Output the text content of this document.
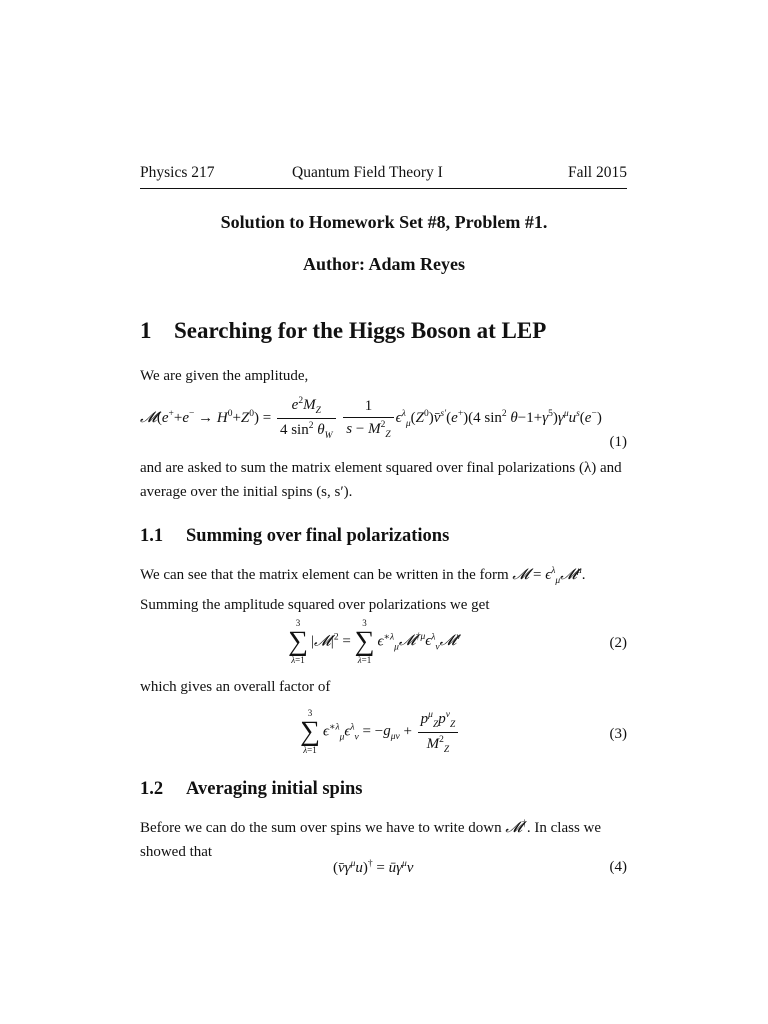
Physics 217	Quantum Field Theory I	Fall 2015
Solution to Homework Set #8, Problem #1.
Author: Adam Reyes
1 Searching for the Higgs Boson at LEP
We are given the amplitude,
𝓜(e++e− → $H^0+Z^0) = \frac{e^2M_Z}{4 \sin^2 \theta_W}$
$\frac{1}{s - M^2_Z}$ $\epsilon^\lambda_\mu(Z^0)v̄^{s'}(e^+)(4$ $\sin^2 \theta-1+\gamma^5)\gamma^\mu u^s(e^-)$
(1)
and are asked to sum the matrix element squared over final polarizations (λ) and average over the initial spins (s, s′).
1.1 Summing over final polarizations
We can see that the matrix element can be written in the form 𝓜 = $\epsilon^\lambda_\mu 𝓜^\mu$.
Summing the amplitude squared over polarizations we get
3
∑
λ=1
$|𝓜|^2$ =
3
∑
λ=1
$\epsilon^{∗\lambda}_\mu 𝓜^{\dagger\mu}\epsilon^\lambda_\nu 𝓜^\nu$	(2)
which gives an overall factor of
3
∑
λ=1
$\epsilon^{∗\lambda}_\mu\epsilon^\lambda_\nu = -g_{\mu\nu} + \frac{p^\mu_Zp^\nu_Z}{M^2_Z}$	(3)
1.2 Averaging initial spins
Before we can do the sum over spins we have to write down 𝓜†. In class we
showed that
$(v̄\gamma^\mu u)^\dagger$ = $ū\gamma^\mu v$	(4)
